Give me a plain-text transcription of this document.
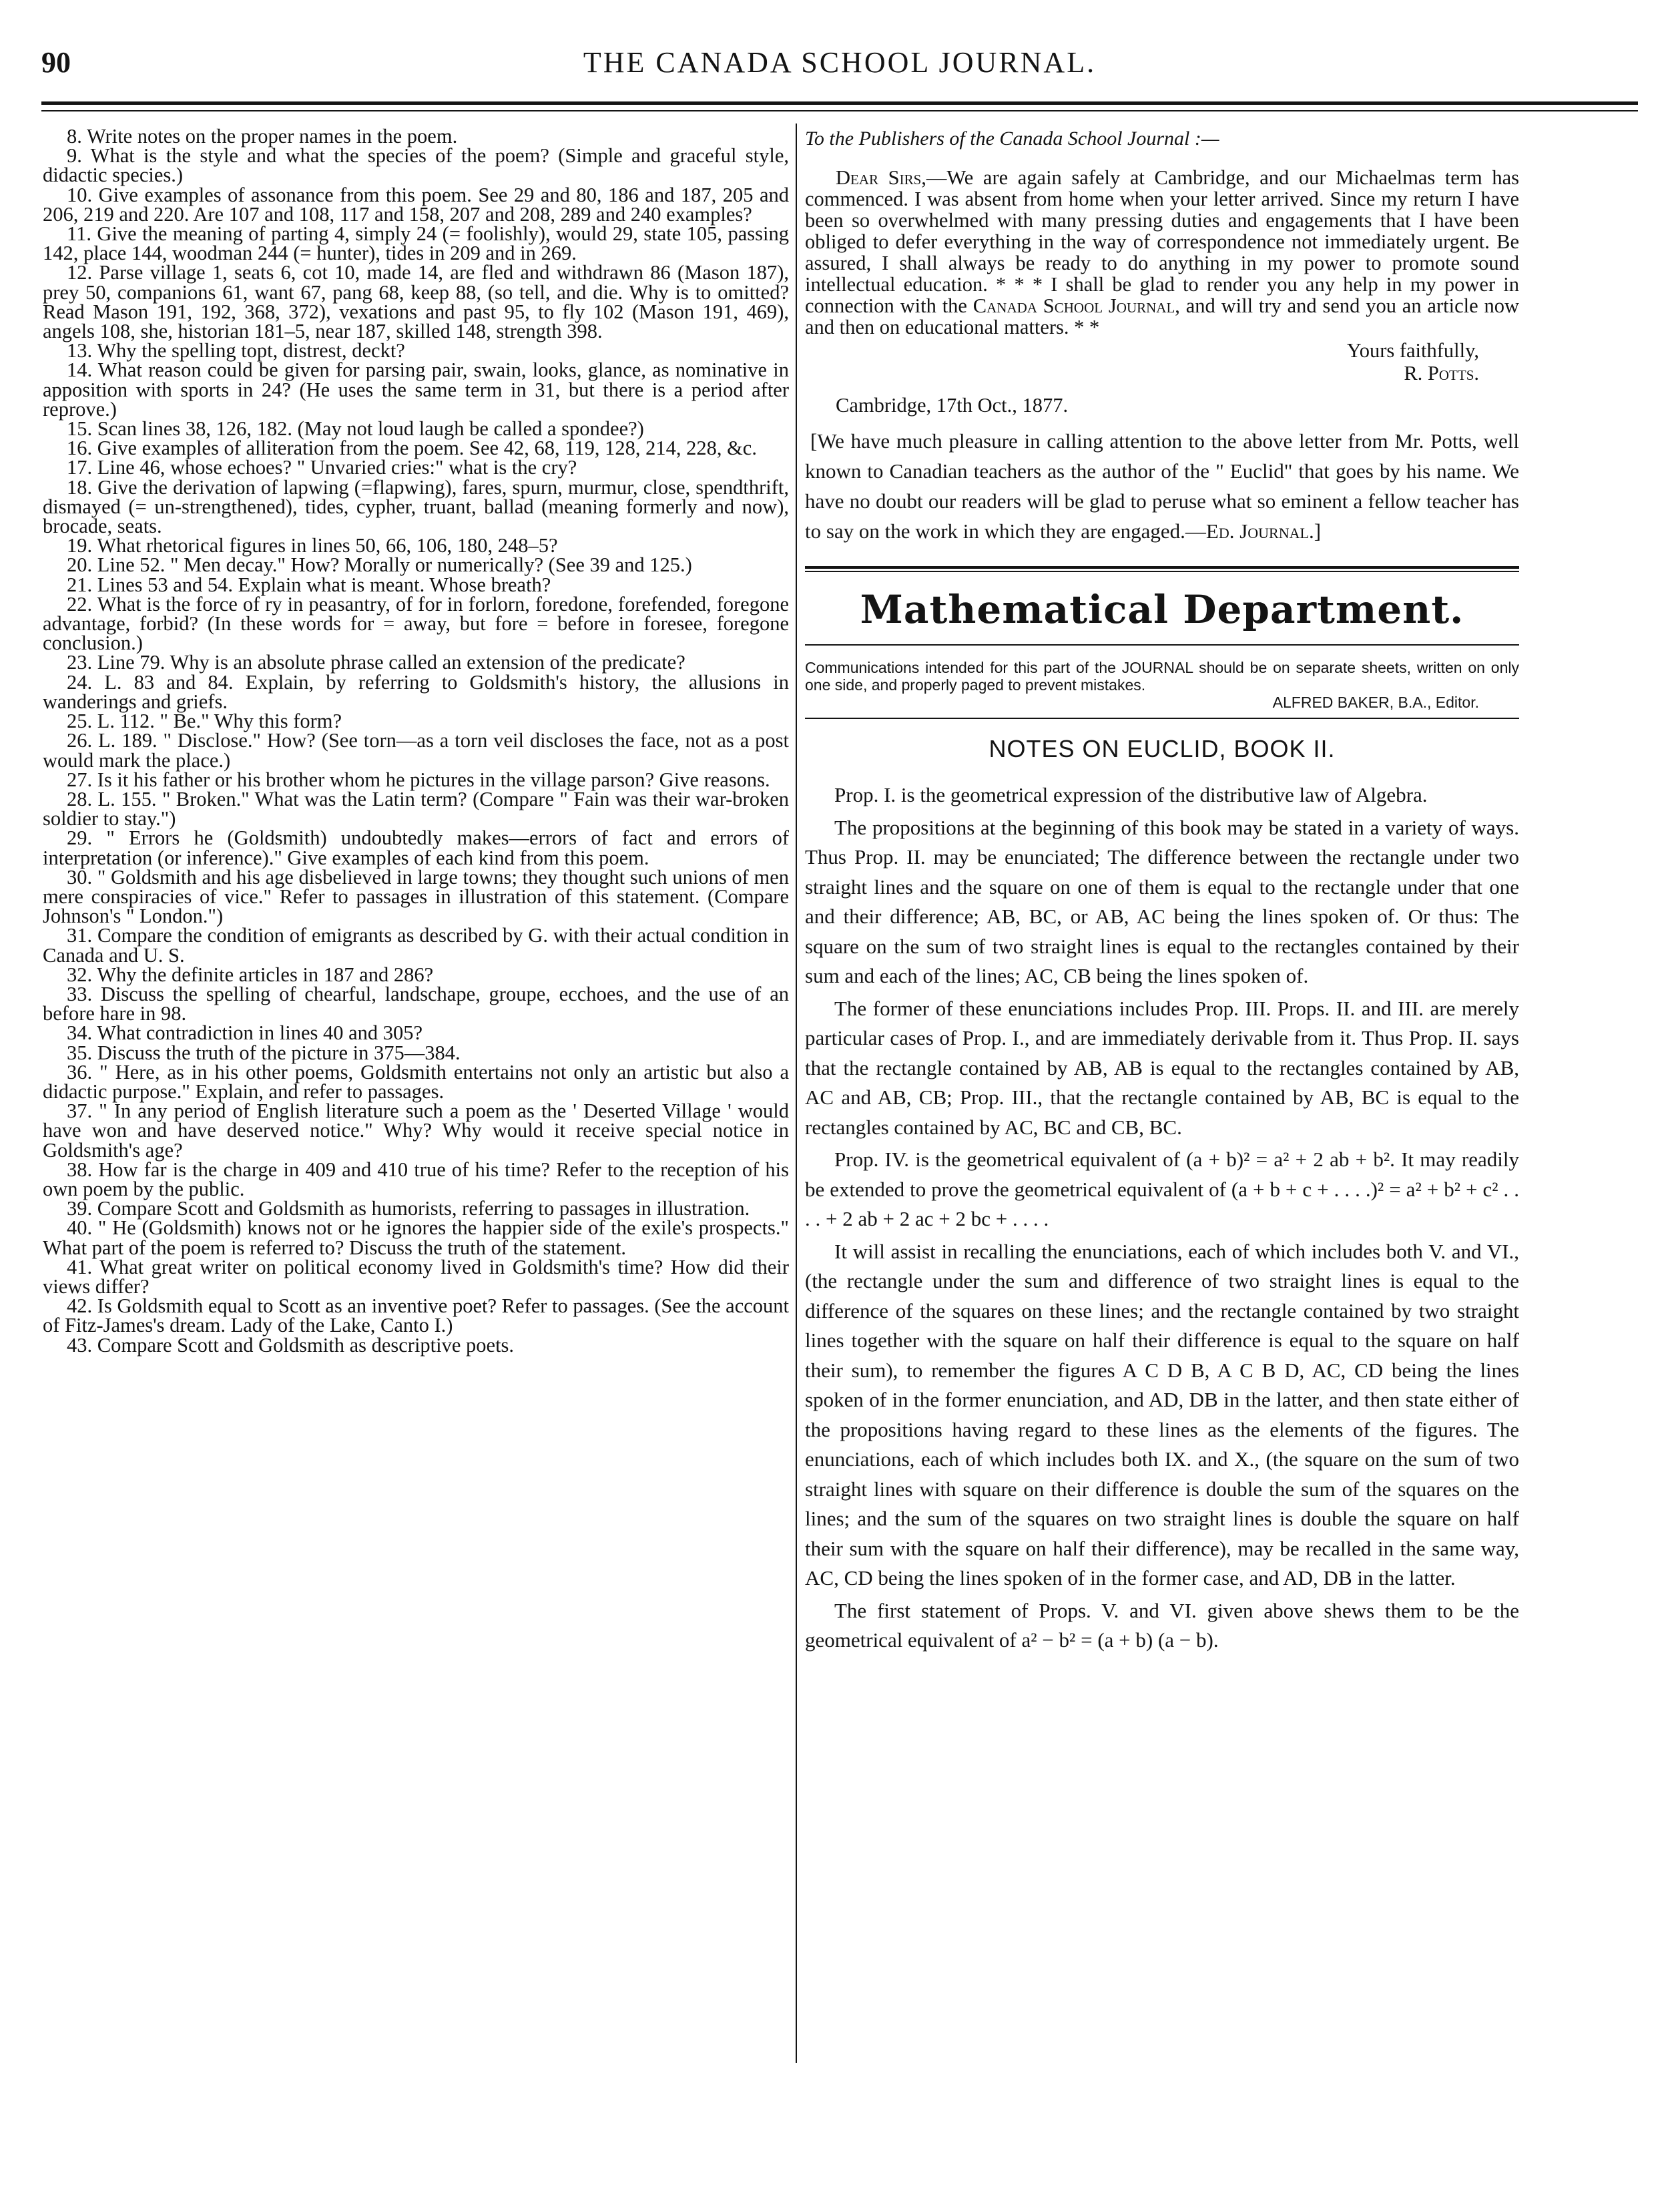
90	THE CANADA SCHOOL JOURNAL.

8. Write notes on the proper names in the poem.

9. What is the style and what the species of the poem? (Simple and graceful style, didactic species.)

10. Give examples of assonance from this poem. See 29 and 80, 186 and 187, 205 and 206, 219 and 220. Are 107 and 108, 117 and 158, 207 and 208, 289 and 240 examples?

11. Give the meaning of parting 4, simply 24 (= foolishly), would 29, state 105, passing 142, place 144, woodman 244 (= hunter), tides in 209 and in 269.

12. Parse village 1, seats 6, cot 10, made 14, are fled and withdrawn 86 (Mason 187), prey 50, companions 61, want 67, pang 68, keep 88, (so tell, and die. Why is to omitted? Read Mason 191, 192, 368, 372), vexations and past 95, to fly 102 (Mason 191, 469), angels 108, she, historian 181–5, near 187, skilled 148, strength 398.

13. Why the spelling topt, distrest, deckt?

14. What reason could be given for parsing pair, swain, looks, glance, as nominative in apposition with sports in 24? (He uses the same term in 31, but there is a period after reprove.)

15. Scan lines 38, 126, 182. (May not loud laugh be called a spondee?)

16. Give examples of alliteration from the poem. See 42, 68, 119, 128, 214, 228, &c.

17. Line 46, whose echoes? " Unvaried cries:" what is the cry?

18. Give the derivation of lapwing (=flapwing), fares, spurn, murmur, close, spendthrift, dismayed (= un-strengthened), tides, cypher, truant, ballad (meaning formerly and now), brocade, seats.

19. What rhetorical figures in lines 50, 66, 106, 180, 248–5?

20. Line 52. " Men decay." How? Morally or numerically? (See 39 and 125.)

21. Lines 53 and 54. Explain what is meant. Whose breath?

22. What is the force of ry in peasantry, of for in forlorn, foredone, forefended, foregone advantage, forbid? (In these words for = away, but fore = before in foresee, foregone conclusion.)

23. Line 79. Why is an absolute phrase called an extension of the predicate?

24. L. 83 and 84. Explain, by referring to Goldsmith's history, the allusions in wanderings and griefs.

25. L. 112. " Be." Why this form?

26. L. 189. " Disclose." How? (See torn—as a torn veil discloses the face, not as a post would mark the place.)

27. Is it his father or his brother whom he pictures in the village parson? Give reasons.

28. L. 155. " Broken." What was the Latin term? (Compare " Fain was their war-broken soldier to stay.")

29. " Errors he (Goldsmith) undoubtedly makes—errors of fact and errors of interpretation (or inference)." Give examples of each kind from this poem.

30. " Goldsmith and his age disbelieved in large towns; they thought such unions of men mere conspiracies of vice." Refer to passages in illustration of this statement. (Compare Johnson's " London.")

31. Compare the condition of emigrants as described by G. with their actual condition in Canada and U. S.

32. Why the definite articles in 187 and 286?

33. Discuss the spelling of chearful, landschape, groupe, ecchoes, and the use of an before hare in 98.

34. What contradiction in lines 40 and 305?

35. Discuss the truth of the picture in 375—384.

36. " Here, as in his other poems, Goldsmith entertains not only an artistic but also a didactic purpose." Explain, and refer to passages.

37. " In any period of English literature such a poem as the ' Deserted Village ' would have won and have deserved notice." Why? Why would it receive special notice in Goldsmith's age?

38. How far is the charge in 409 and 410 true of his time? Refer to the reception of his own poem by the public.

39. Compare Scott and Goldsmith as humorists, referring to passages in illustration.

40. " He (Goldsmith) knows not or he ignores the happier side of the exile's prospects." What part of the poem is referred to? Discuss the truth of the statement.

41. What great writer on political economy lived in Goldsmith's time? How did their views differ?

42. Is Goldsmith equal to Scott as an inventive poet? Refer to passages. (See the account of Fitz-James's dream. Lady of the Lake, Canto I.)

43. Compare Scott and Goldsmith as descriptive poets.

To the Publishers of the Canada School Journal :—

Dear Sirs,—We are again safely at Cambridge, and our Michaelmas term has commenced. I was absent from home when your letter arrived. Since my return I have been so overwhelmed with many pressing duties and engagements that I have been obliged to defer everything in the way of correspondence not immediately urgent. Be assured, I shall always be ready to do anything in my power to promote sound intellectual education. * * * I shall be glad to render you any help in my power in connection with the Canada School Journal, and will try and send you an article now and then on educational matters. * *

Yours faithfully,

R. Potts.

Cambridge, 17th Oct., 1877.

[We have much pleasure in calling attention to the above letter from Mr. Potts, well known to Canadian teachers as the author of the " Euclid" that goes by his name. We have no doubt our readers will be glad to peruse what so eminent a fellow teacher has to say on the work in which they are engaged.—Ed. Journal.]

Mathematical Department.

Communications intended for this part of the JOURNAL should be on separate sheets, written on only one side, and properly paged to prevent mistakes.

ALFRED BAKER, B.A., Editor.

NOTES ON EUCLID, BOOK II.

Prop. I. is the geometrical expression of the distributive law of Algebra.

The propositions at the beginning of this book may be stated in a variety of ways. Thus Prop. II. may be enunciated; The difference between the rectangle under two straight lines and the square on one of them is equal to the rectangle under that one and their difference; AB, BC, or AB, AC being the lines spoken of. Or thus: The square on the sum of two straight lines is equal to the rectangles contained by their sum and each of the lines; AC, CB being the lines spoken of.

The former of these enunciations includes Prop. III. Props. II. and III. are merely particular cases of Prop. I., and are immediately derivable from it. Thus Prop. II. says that the rectangle contained by AB, AB is equal to the rectangles contained by AB, AC and AB, CB; Prop. III., that the rectangle contained by AB, BC is equal to the rectangles contained by AC, BC and CB, BC.

Prop. IV. is the geometrical equivalent of (a + b)² = a² + 2 ab + b². It may readily be extended to prove the geometrical equivalent of (a + b + c + . . . .)² = a² + b² + c² . . . . + 2 ab + 2 ac + 2 bc + . . . .

It will assist in recalling the enunciations, each of which includes both V. and VI., (the rectangle under the sum and difference of two straight lines is equal to the difference of the squares on these lines; and the rectangle contained by two straight lines together with the square on half their difference is equal to the square on half their sum), to remember the figures A C D B, A C B D, AC, CD being the lines spoken of in the former enunciation, and AD, DB in the latter, and then state either of the propositions having regard to these lines as the elements of the figures. The enunciations, each of which includes both IX. and X., (the square on the sum of two straight lines with square on their difference is double the sum of the squares on the lines; and the sum of the squares on two straight lines is double the square on half their sum with the square on half their difference), may be recalled in the same way, AC, CD being the lines spoken of in the former case, and AD, DB in the latter.

The first statement of Props. V. and VI. given above shews them to be the geometrical equivalent of a² − b² = (a + b) (a − b).
